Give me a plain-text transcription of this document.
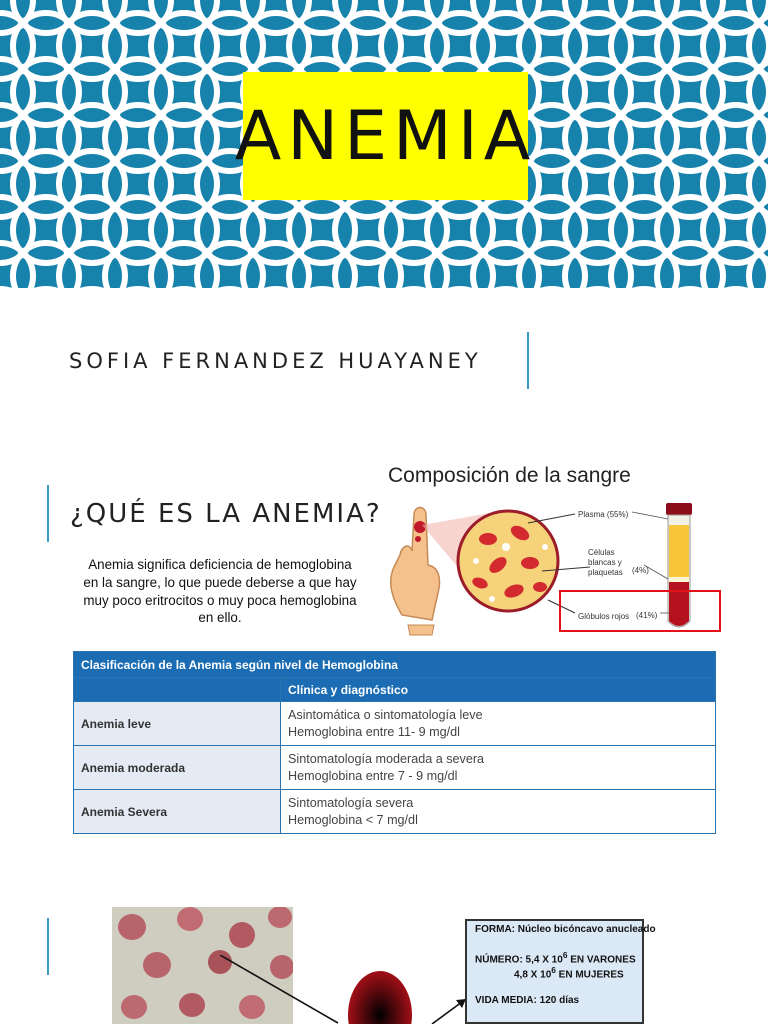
ANEMIA
SOFIA FERNANDEZ HUAYANEY
¿QUÉ ES LA ANEMIA?
Anemia significa deficiencia de hemoglobina en la sangre, lo que puede deberse a que hay muy poco eritrocitos o muy poca hemoglobina en ello.
Composición de la sangre
Plasma (55%)
Células blancas y plaquetas	(4%)
Glóbulos rojos (41%)
Clasificación de la Anemia según nivel de Hemoglobina	
	Clínica y diagnóstico
Anemia leve	Asintomática o sintomatología leve
Hemoglobina entre 11- 9 mg/dl

Anemia moderada	Sintomatología moderada a severa
Hemoglobina entre 7 - 9 mg/dl

Anemia Severa	Sintomatología severa
Hemoglobina < 7 mg/dl
FORMA: Núcleo bicóncavo anucleado
NÚMERO: 5,4 X $10^6$ EN VARONES
4,8 X $10^6$ EN MUJERES
VIDA MEDIA: 120 días
